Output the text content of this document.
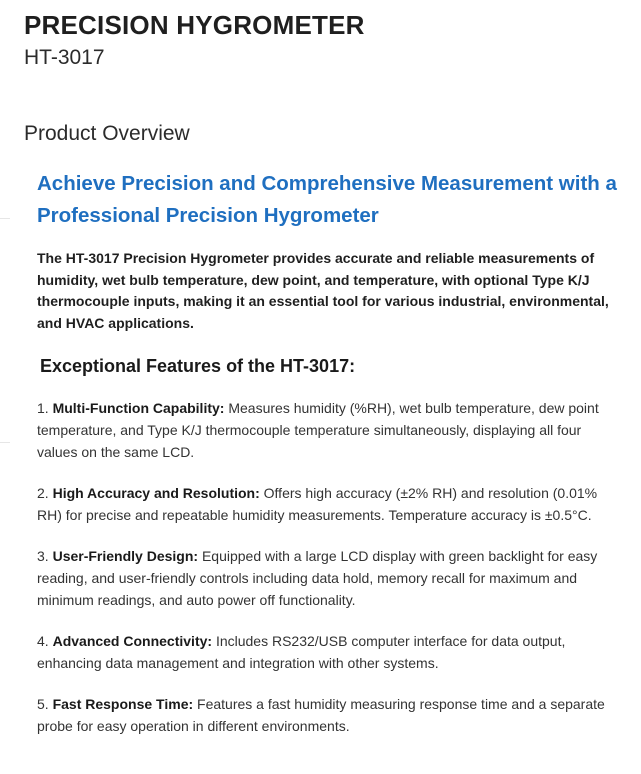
PRECISION HYGROMETER
HT-3017
Product Overview
Achieve Precision and Comprehensive Measurement with a Professional Precision Hygrometer

The HT-3017 Precision Hygrometer provides accurate and reliable measurements of humidity, wet bulb temperature, dew point, and temperature, with optional Type K/J thermocouple inputs, making it an essential tool for various industrial, environmental, and HVAC applications.

Exceptional Features of the HT-3017:

1. Multi-Function Capability: Measures humidity (%RH), wet bulb temperature, dew point temperature, and Type K/J thermocouple temperature simultaneously, displaying all four values on the same LCD.

2. High Accuracy and Resolution: Offers high accuracy (±2% RH) and resolution (0.01% RH) for precise and repeatable humidity measurements. Temperature accuracy is ±0.5°C.

3. User-Friendly Design: Equipped with a large LCD display with green backlight for easy reading, and user-friendly controls including data hold, memory recall for maximum and minimum readings, and auto power off functionality.

4. Advanced Connectivity: Includes RS232/USB computer interface for data output, enhancing data management and integration with other systems.

5. Fast Response Time: Features a fast humidity measuring response time and a separate probe for easy operation in different environments.
